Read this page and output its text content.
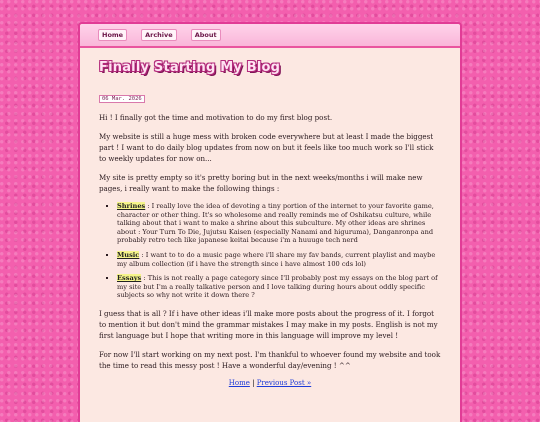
Home	Archive	About
Finally Starting My Blog
06 Mar. 2026

Hi ! I finally got the time and motivation to do my first blog post.

My website is still a huge mess with broken code everywhere but at least I made the biggest part ! I want to do daily blog updates from now on but it feels like too much work so I'll stick to weekly updates for now on...

My site is pretty empty so it's pretty boring but in the next weeks/months i will make new pages, i really want to make the following things :

▪ Shrines : I really love the idea of devoting a tiny portion of the internet to your favorite game, character or other thing. It's so wholesome and really reminds me of Oshikatsu culture, while talking about that i want to make a shrine about this subculture. My other ideas are shrines about : Your Turn To Die, Jujutsu Kaisen (especially Nanami and higuruma), Danganronpa and probably retro tech like japanese keitai because i'm a huuuge tech nerd
▪ Music : I want to to do a music page where i'll share my fav bands, current playlist and maybe my album collection (if i have the strength since i have almost 100 cds lol)
▪ Essays : This is not really a page category since I'll probably post my essays on the blog part of my site but I'm a really talkative person and I love talking during hours about oddly specific subjects so why not write it down there ?

I guess that is all ? If i have other ideas i'll make more posts about the progress of it. I forgot to mention it but don't mind the grammar mistakes I may make in my posts. English is not my first language but I hope that writing more in this language will improve my level !

For now I'll start working on my next post. I'm thankful to whoever found my website and took the time to read this messy post ! Have a wonderful day/evening ! ^^

Home | Previous Post »
